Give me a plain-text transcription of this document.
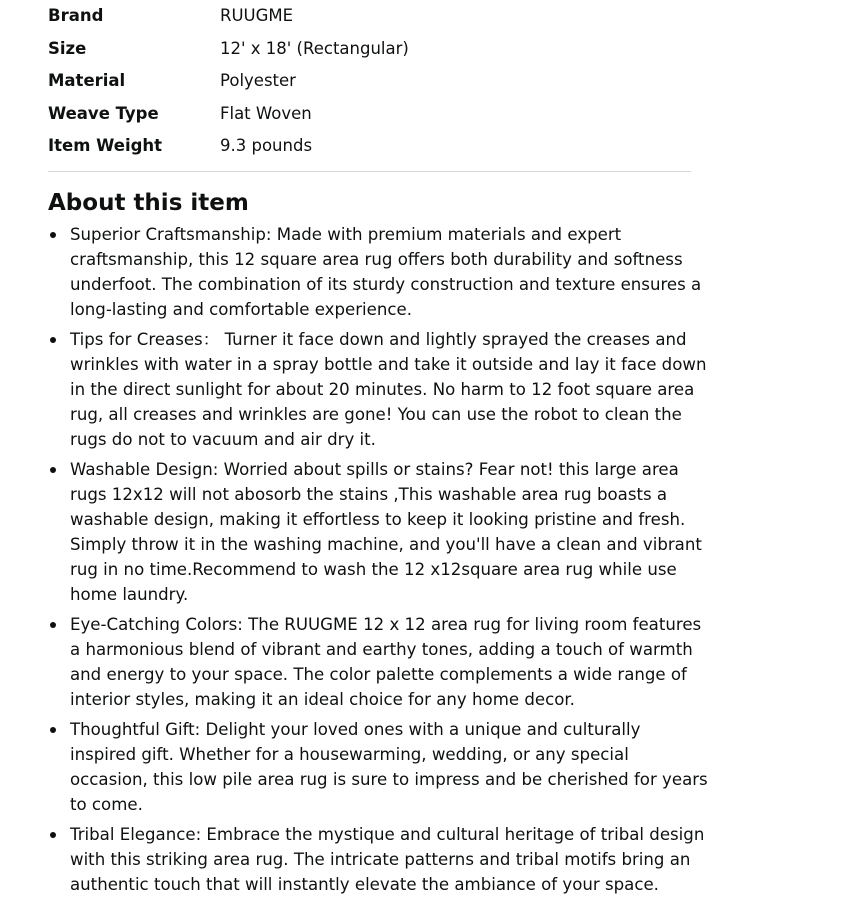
Brand	RUUGME
Size	12' x 18' (Rectangular)
Material	Polyester
Weave Type	Flat Woven
Item Weight	9.3 pounds
About this item
Superior Craftsmanship: Made with premium materials and expert craftsmanship, this 12 square area rug offers both durability and softness underfoot. The combination of its sturdy construction and texture ensures a long-lasting and comfortable experience.
Tips for Creases： Turner it face down and lightly sprayed the creases and wrinkles with water in a spray bottle and take it outside and lay it face down in the direct sunlight for about 20 minutes. No harm to 12 foot square area rug, all creases and wrinkles are gone! You can use the robot to clean the rugs do not to vacuum and air dry it.
Washable Design: Worried about spills or stains? Fear not! this large area rugs 12x12 will not abosorb the stains ,This washable area rug boasts a washable design, making it effortless to keep it looking pristine and fresh. Simply throw it in the washing machine, and you'll have a clean and vibrant rug in no time.Recommend to wash the 12 x12square area rug while use home laundry.
Eye-Catching Colors: The RUUGME 12 x 12 area rug for living room features a harmonious blend of vibrant and earthy tones, adding a touch of warmth and energy to your space. The color palette complements a wide range of interior styles, making it an ideal choice for any home decor.
Thoughtful Gift: Delight your loved ones with a unique and culturally inspired gift. Whether for a housewarming, wedding, or any special occasion, this low pile area rug is sure to impress and be cherished for years to come.
Tribal Elegance: Embrace the mystique and cultural heritage of tribal design with this striking area rug. The intricate patterns and tribal motifs bring an authentic touch that will instantly elevate the ambiance of your space.
